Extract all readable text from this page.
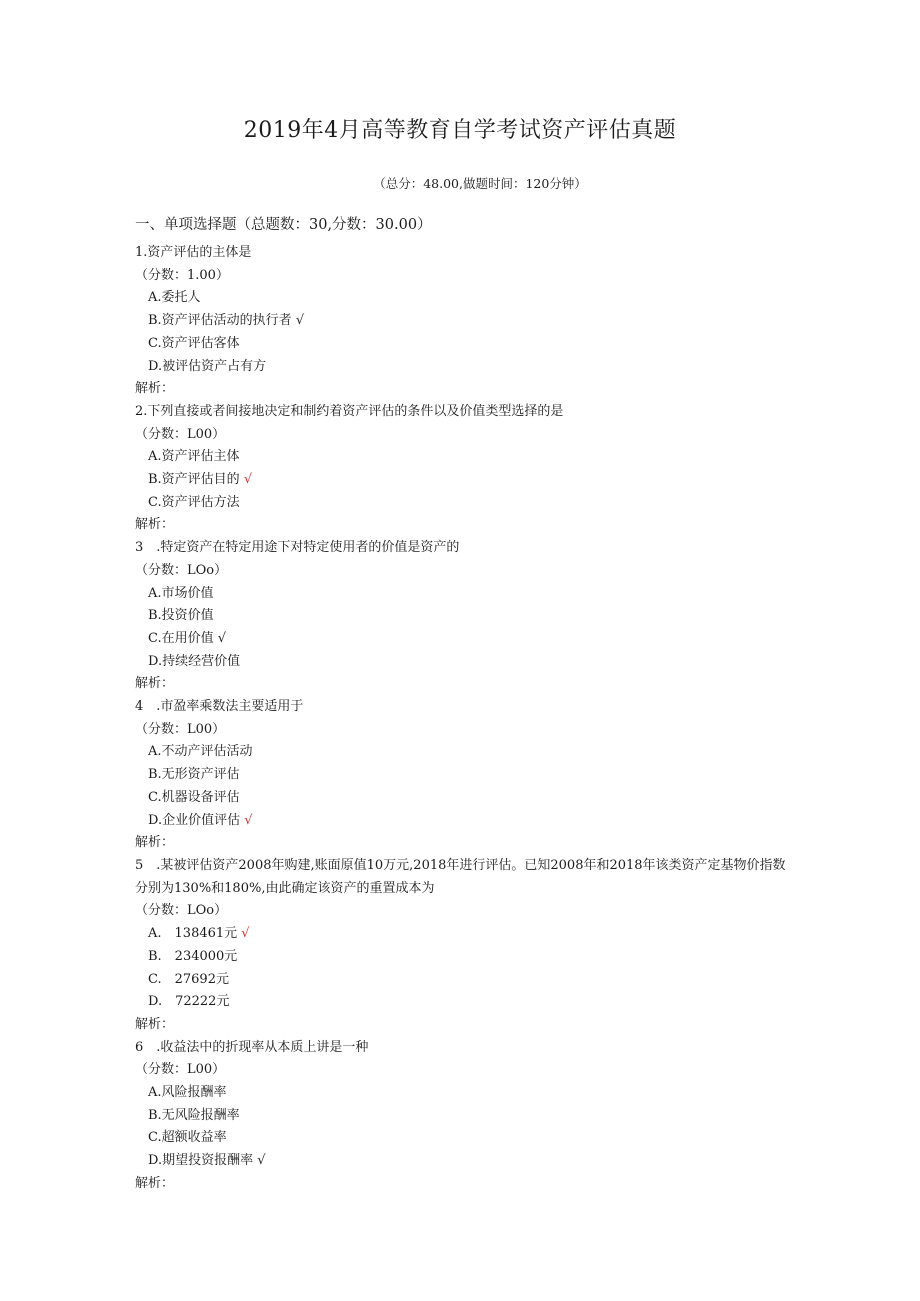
2019年4月高等教育自学考试资产评估真题
（总分：48.00,做题时间：120分钟）
一、单项选择题（总题数：30,分数：30.00）
1.资产评估的主体是
（分数：1.00）
A.委托人
B.资产评估活动的执行者 √
C.资产评估客体
D.被评估资产占有方
解析：
2.下列直接或者间接地决定和制约着资产评估的条件以及价值类型选择的是
（分数：L00）
A.资产评估主体
B.资产评估目的 √
C.资产评估方法
解析：
3　.特定资产在特定用途下对特定使用者的价值是资产的
（分数：LOo）
A.市场价值
B.投资价值
C.在用价值 √
D.持续经营价值
解析：
4　.市盈率乘数法主要适用于
（分数：L00）
A.不动产评估活动
B.无形资产评估
C.机器设备评估
D.企业价值评估 √
解析：
5　.某被评估资产2008年购建,账面原值10万元,2018年进行评估。已知2008年和2018年该类资产定基物价指数分别为130%和180%,由此确定该资产的重置成本为
（分数：LOo）
A.　138461元 √
B.　234000元
C.　27692元
D.　72222元
解析：
6　.收益法中的折现率从本质上讲是一种
（分数：L00）
A.风险报酬率
B.无风险报酬率
C.超额收益率
D.期望投资报酬率 √
解析：
